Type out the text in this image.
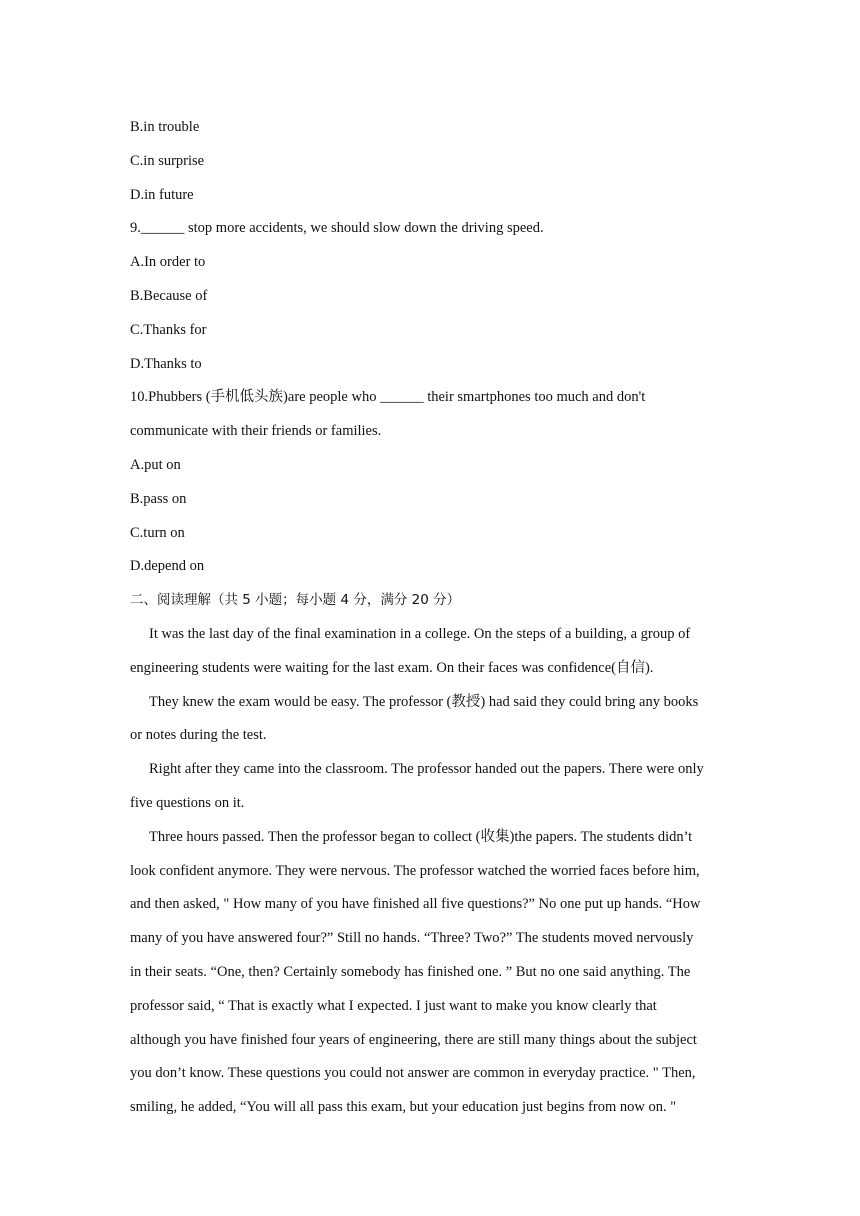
B.in trouble

C.in surprise

D.in future

9.______ stop more accidents, we should slow down the driving speed.

A.In order to

B.Because of

C.Thanks for

D.Thanks to

10.Phubbers (手机低头族)are people who ______ their smartphones too much and don't

communicate with their friends or families.

A.put on

B.pass on

C.turn on

D.depend on

二、阅读理解（共 5 小题；每小题 4 分，满分 20 分）

It was the last day of the final examination in a college. On the steps of a building, a group of

engineering students were waiting for the last exam. On their faces was confidence(自信).

They knew the exam would be easy. The professor (教授) had said they could bring any books

or notes during the test.

Right after they came into the classroom. The professor handed out the papers. There were only

five questions on it.

Three hours passed. Then the professor began to collect (收集)the papers. The students didn’t

look confident anymore. They were nervous. The professor watched the worried faces before him,

and then asked, " How many of you have finished all five questions?” No one put up hands. “How

many of you have answered four?” Still no hands. “Three? Two?” The students moved nervously

in their seats. “One, then? Certainly somebody has finished one. ” But no one said anything. The

professor said, “ That is exactly what I expected. I just want to make you know clearly that

although you have finished four years of engineering, there are still many things about the subject

you don’t know. These questions you could not answer are common in everyday practice. " Then,

smiling, he added, “You will all pass this exam, but your education just begins from now on. "
